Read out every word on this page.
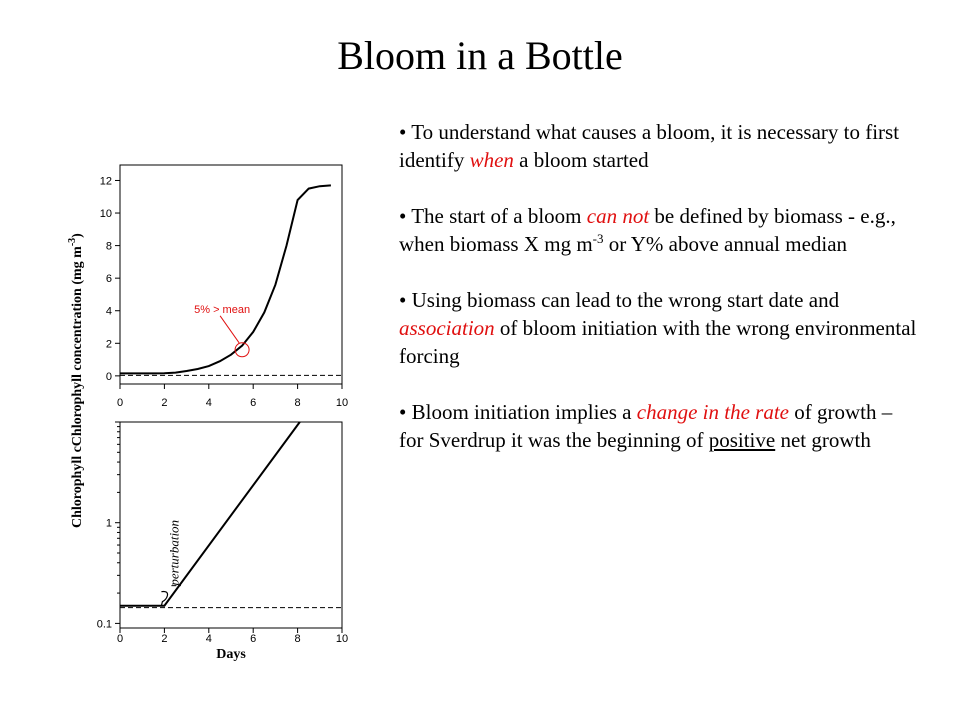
Bloom in a Bottle

• To understand what causes a bloom, it is necessary to first identify when a bloom started

• The start of a bloom can not be defined by biomass - e.g., when biomass X mg $m^{-3}$ or Y% above annual median

• Using biomass can lead to the wrong start date and association of bloom initiation with the wrong environmental forcing

• Bloom initiation implies a change in the rate of growth – for Sverdrup it was the beginning of positive net growth

0	2	4	6	8	10
0
2
4
6
8
10
12
5% > mean
0	2	4	6	8	10
0.1
1	perturbation
Chlorophyll cChlorophyll concentration (mg $m^{-3}$)
Days
